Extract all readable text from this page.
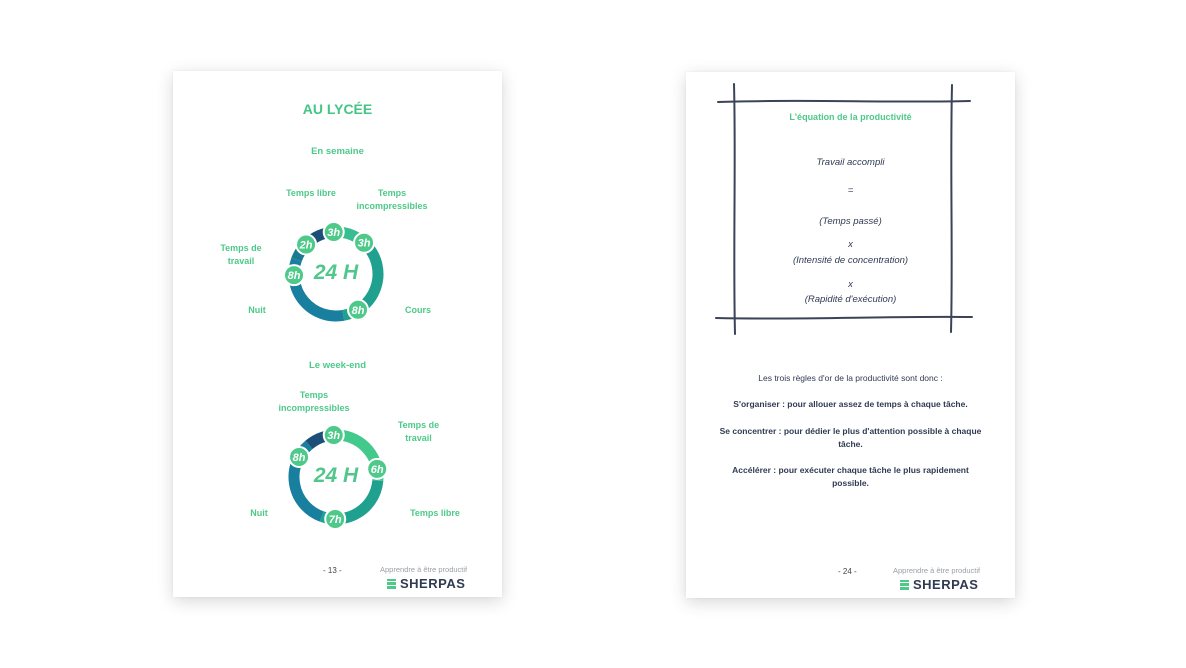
AU LYCÉE
En semaine
Temps libre	Temps incompressibles
Temps de travail
Nuit	Cours
3h
8h
8h
2h
3h
24 H
Le week-end
Temps incompressibles
Temps de travail
Temps libre
Nuit
6h
7h
8h
3h
24 H
- 13 -	Apprendre à être productif
SHERPAS
L'équation de la productivité
Travail accompli
=
(Temps passé)
x
(Intensité de concentration)
x
(Rapidité d'exécution)
Les trois règles d'or de la productivité sont donc :
S'organiser : pour allouer assez de temps à chaque tâche.
Se concentrer : pour dédier le plus d'attention possible à chaque tâche.
Accélérer : pour exécuter chaque tâche le plus rapidement possible.
- 24 -	Apprendre à être productif
SHERPAS
